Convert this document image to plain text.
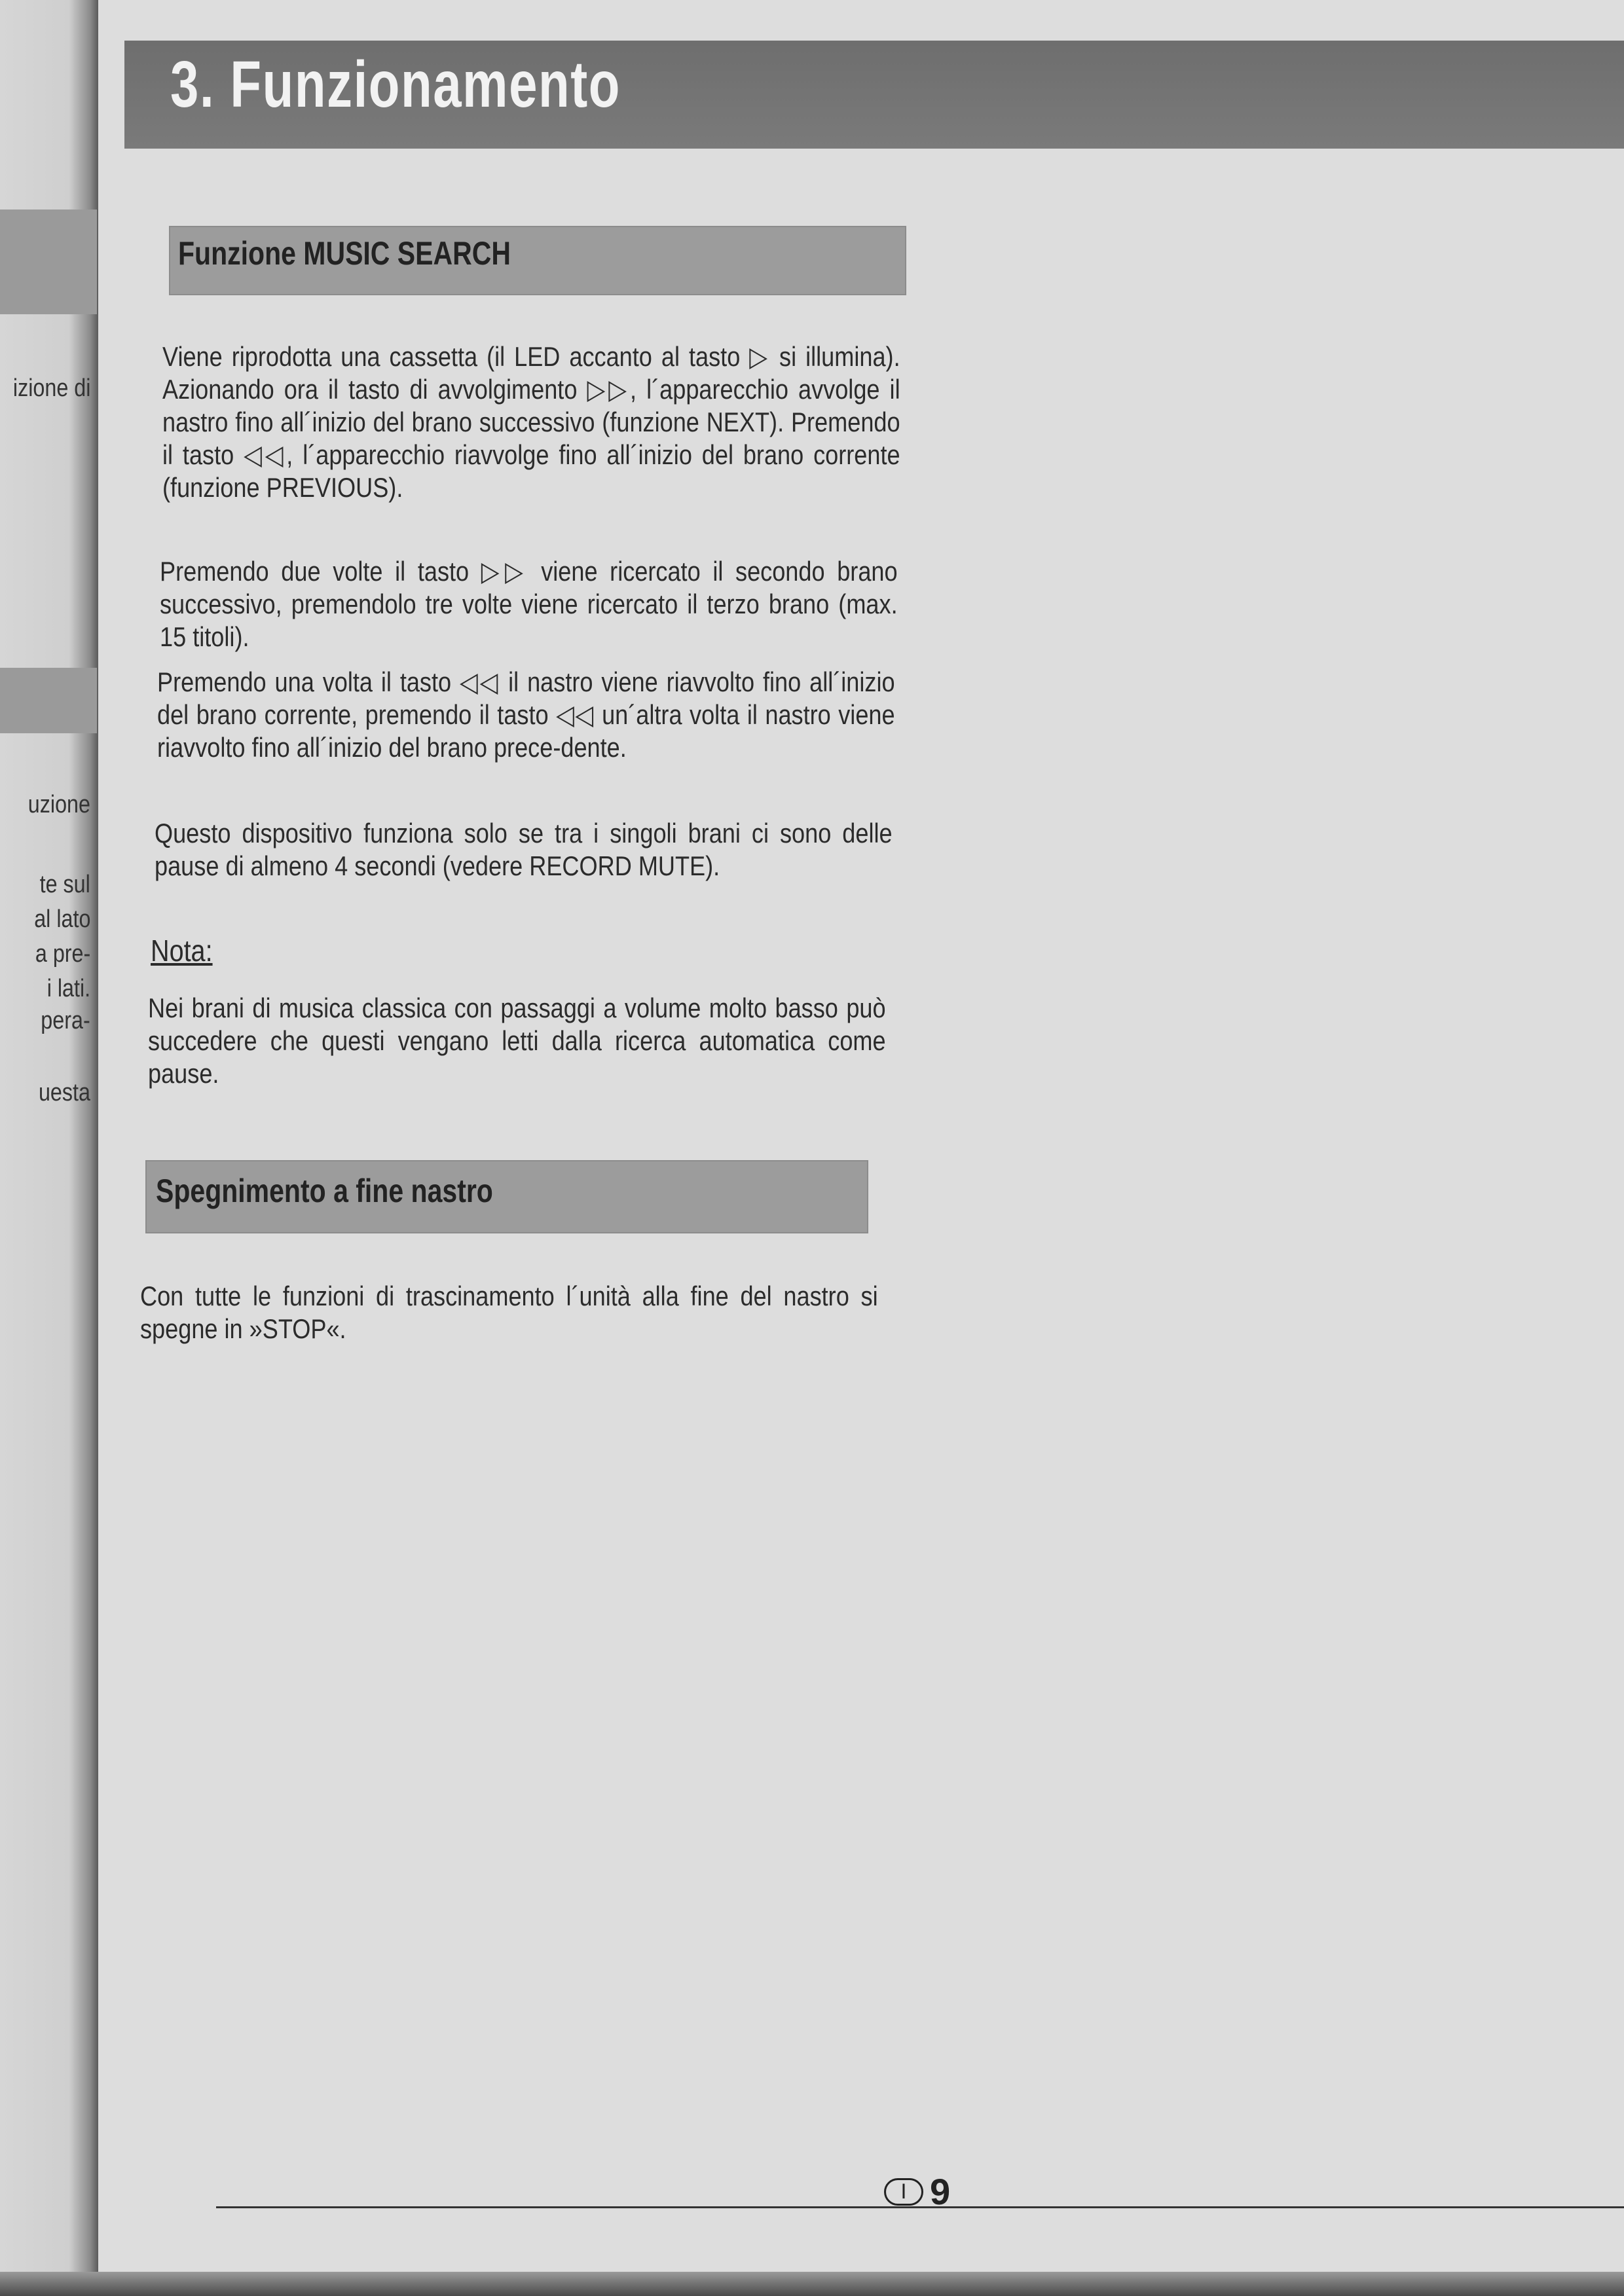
izione di

uzione

te sul

al lato

a pre-

i lati.

pera-

uesta

3. Funzionamento
Funzione MUSIC SEARCH

Viene riprodotta una cassetta (il LED accanto al tasto ▷ si illumina). Azionando ora il tasto di avvolgimento ▷▷, l´apparecchio avvolge il nastro fino all´inizio del brano successivo (funzione NEXT). Premendo il tasto ◁◁, l´apparecchio riavvolge fino all´inizio del brano corrente (funzione PREVIOUS).

Premendo due volte il tasto ▷▷ viene ricercato il secondo brano successivo, premendolo tre volte viene ricercato il terzo brano (max. 15 titoli).

Premendo una volta il tasto ◁◁ il nastro viene riavvolto fino all´inizio del brano corrente, premendo il tasto ◁◁ un´altra volta il nastro viene riavvolto fino all´inizio del brano prece-dente.

Questo dispositivo funziona solo se tra i singoli brani ci sono delle pause di almeno 4 secondi (vedere RECORD MUTE).

Nota:

Nei brani di musica classica con passaggi a volume molto basso può succedere che questi vengano letti dalla ricerca automatica come pause.

Spegnimento a fine nastro

Con tutte le funzioni di trascinamento l´unità alla fine del nastro si spegne in »STOP«.

I 9
